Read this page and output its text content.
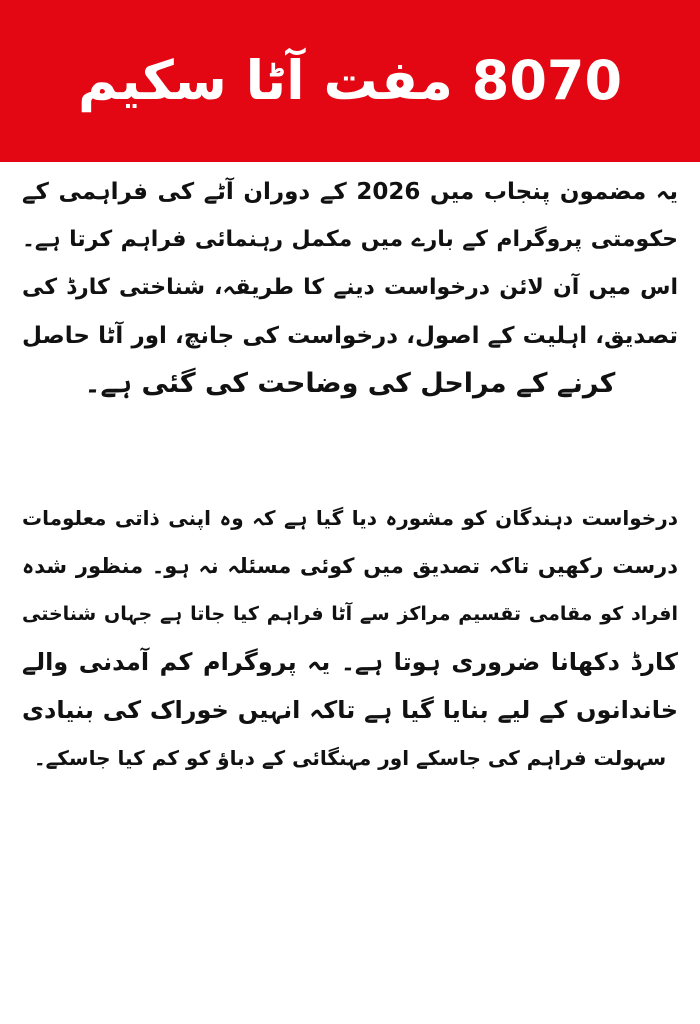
8070 مفت آٹا سکیم
یہ مضمون پنجاب میں 2026 کے دوران آٹے کی فراہمی کے
حکومتی پروگرام کے بارے میں مکمل رہنمائی فراہم کرتا ہے۔
اس میں آن لائن درخواست دینے کا طریقہ، شناختی کارڈ کی
تصدیق، اہلیت کے اصول، درخواست کی جانچ، اور آٹا حاصل
کرنے کے مراحل کی وضاحت کی گئی ہے۔
درخواست دہندگان کو مشورہ دیا گیا ہے کہ وہ اپنی ذاتی معلومات
درست رکھیں تاکہ تصدیق میں کوئی مسئلہ نہ ہو۔ منظور شدہ
افراد کو مقامی تقسیم مراکز سے آٹا فراہم کیا جاتا ہے جہاں شناختی
کارڈ دکھانا ضروری ہوتا ہے۔ یہ پروگرام کم آمدنی والے
خاندانوں کے لیے بنایا گیا ہے تاکہ انہیں خوراک کی بنیادی
سہولت فراہم کی جاسکے اور مہنگائی کے دباؤ کو کم کیا جاسکے۔
